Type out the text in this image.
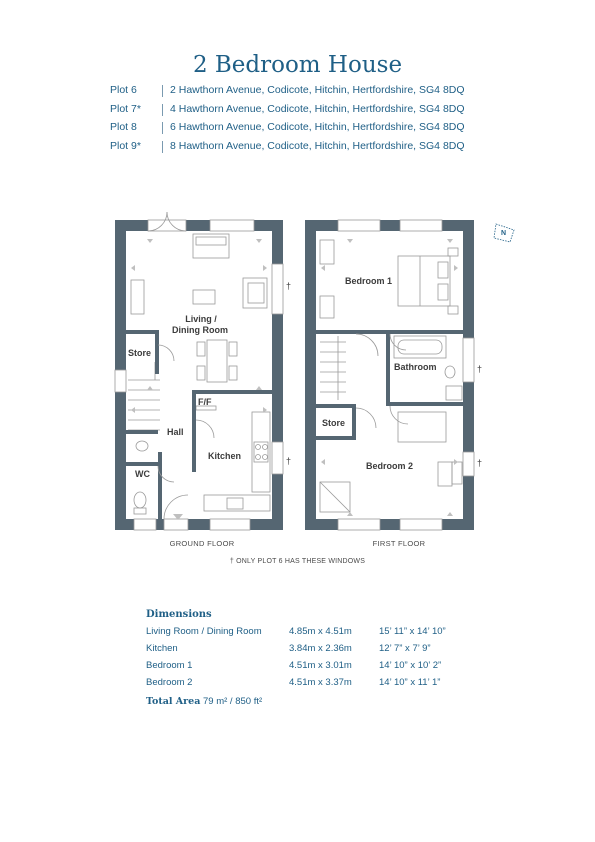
2 Bedroom House
Plot 6	2 Hawthorn Avenue, Codicote, Hitchin, Hertfordshire, SG4 8DQ
Plot 7*	4 Hawthorn Avenue, Codicote, Hitchin, Hertfordshire, SG4 8DQ
Plot 8	6 Hawthorn Avenue, Codicote, Hitchin, Hertfordshire, SG4 8DQ
Plot 9*	8 Hawthorn Avenue, Codicote, Hitchin, Hertfordshire, SG4 8DQ
N
Living /
Dining Room
Store
F/F
Hall
Kitchen
WC
Bedroom 1
Bathroom
Store
Bedroom 2
†
†
†
†
GROUND FLOOR	FIRST FLOOR
† ONLY PLOT 6 HAS THESE WINDOWS
Dimensions
Living Room / Dining Room	4.85m x 4.51m	15’ 11” x 14’ 10”
Kitchen	3.84m x 2.36m	12’ 7” x 7’ 9”
Bedroom 1	4.51m x 3.01m	14’ 10” x 10’ 2”
Bedroom 2	4.51m x 3.37m	14’ 10” x 11’ 1”
Total Area 79 m² / 850 ft²
